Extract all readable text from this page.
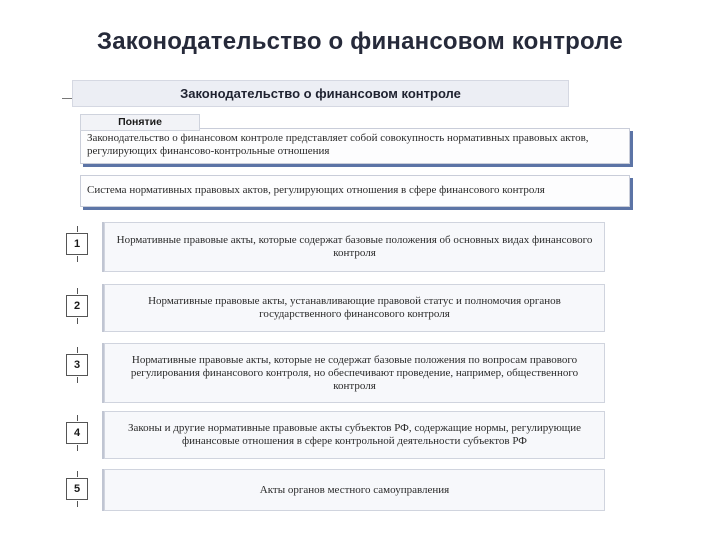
Законодательство о финансовом контроле
Законодательство о финансовом контроле
Законодательство о финансовом контроле представляет собой совокупность нормативных правовых актов, регулирующих финансово-контрольные отношения
Понятие
Система нормативных правовых актов, регулирующих отношения в сфере финансового контроля
1	Нормативные правовые акты, которые содержат базовые положения об основных видах финансового контроля
2	Нормативные правовые акты, устанавливающие правовой статус и полномочия органов государственного финансового контроля
3	Нормативные правовые акты, которые не содержат базовые положения по вопросам правового регулирования финансового контроля, но обеспечивают проведение, например, общественного контроля
4	Законы и другие нормативные правовые акты субъектов РФ, содержащие нормы, регулирующие финансовые отношения в сфере контрольной деятельности субъектов РФ
5	Акты органов местного самоуправления
